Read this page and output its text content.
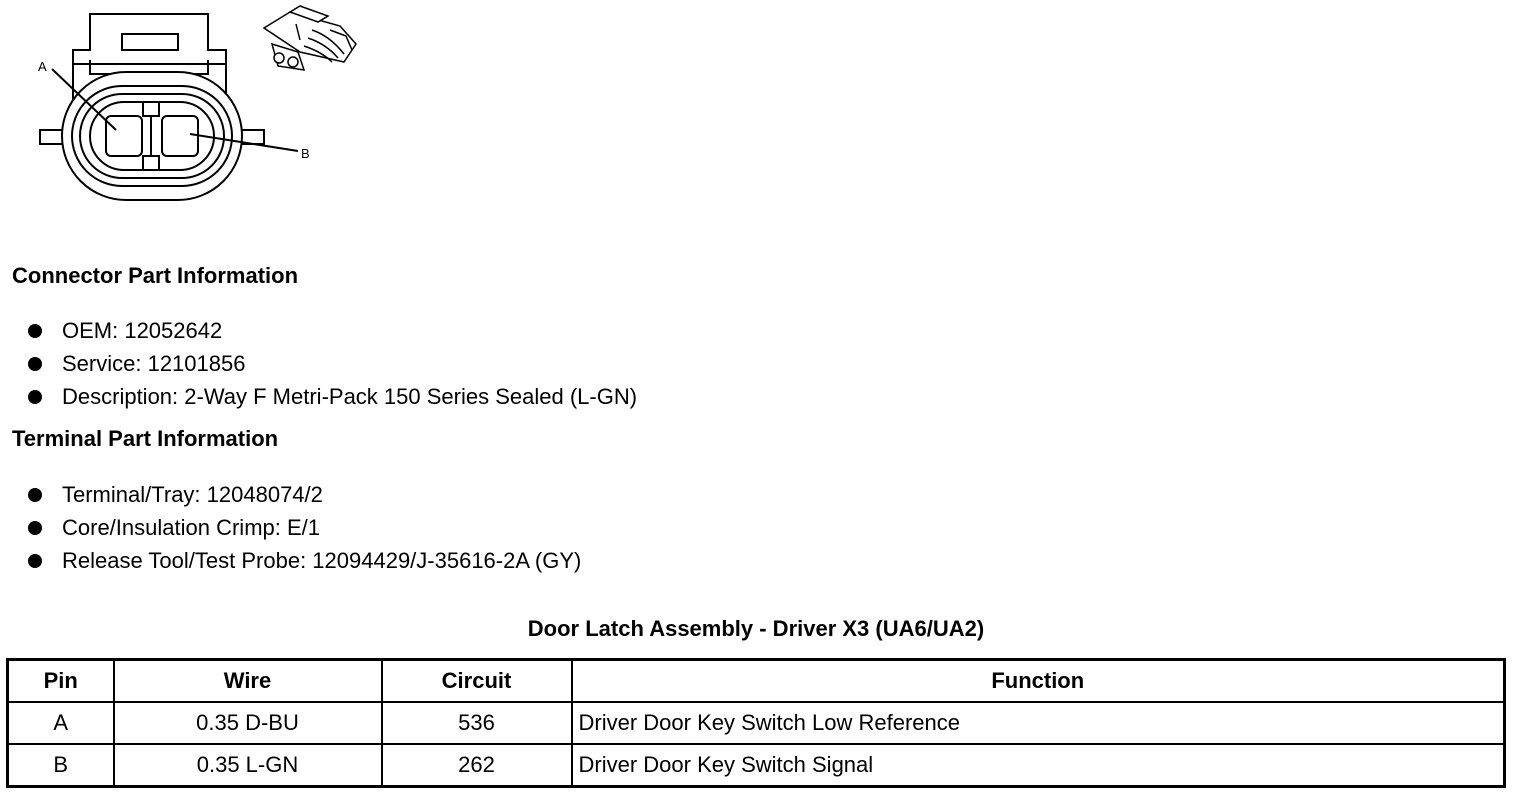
A
B
Connector Part Information
OEM: 12052642
Service: 12101856
Description: 2-Way F Metri-Pack 150 Series Sealed (L-GN)
Terminal Part Information
Terminal/Tray: 12048074/2
Core/Insulation Crimp: E/1
Release Tool/Test Probe: 12094429/J-35616-2A (GY)
Door Latch Assembly - Driver X3 (UA6/UA2)
Pin	Wire	Circuit	Function
A	0.35 D-BU	536	Driver Door Key Switch Low Reference
B	0.35 L-GN	262	Driver Door Key Switch Signal
